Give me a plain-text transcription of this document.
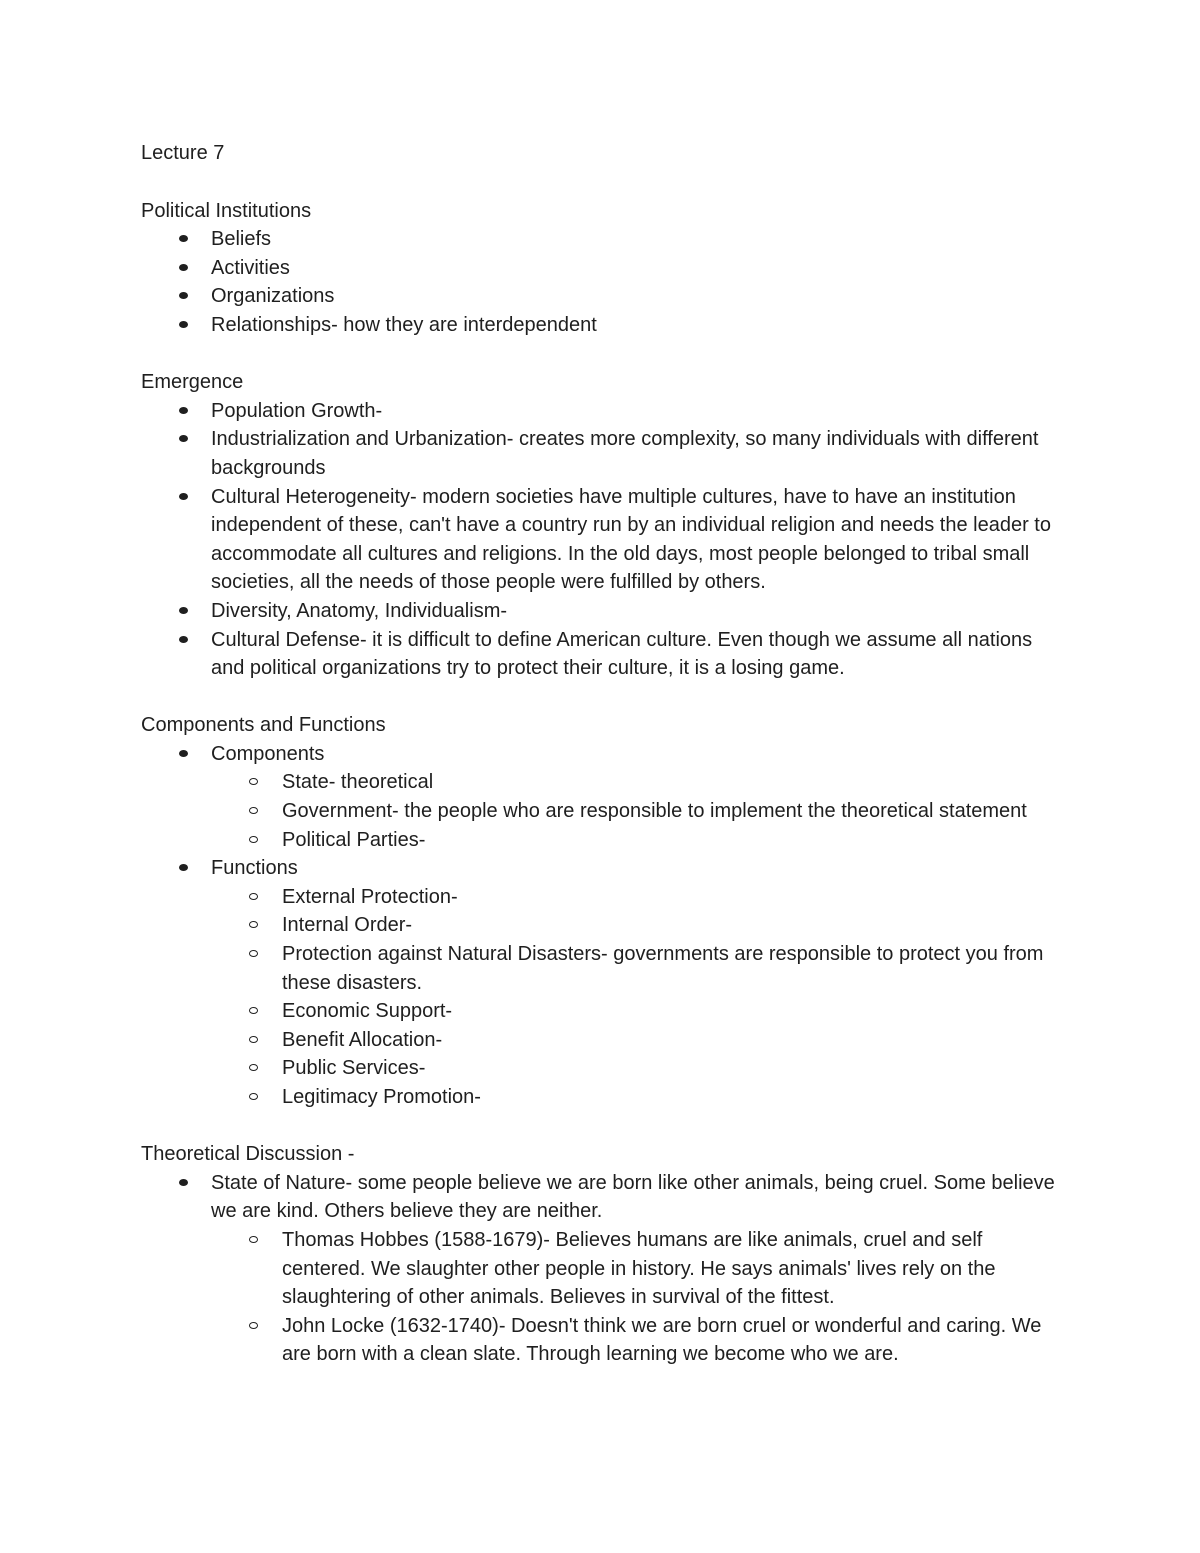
Lecture 7
Political Institutions
Beliefs
Activities
Organizations
Relationships- how they are interdependent
Emergence
Population Growth-
Industrialization and Urbanization- creates more complexity, so many individuals with different backgrounds
Cultural Heterogeneity- modern societies have multiple cultures, have to have an institution independent of these, can't have a country run by an individual religion and needs the leader to accommodate all cultures and religions. In the old days, most people belonged to tribal small societies, all the needs of those people were fulfilled by others.
Diversity, Anatomy, Individualism-
Cultural Defense- it is difficult to define American culture. Even though we assume all nations and political organizations try to protect their culture, it is a losing game.
Components and Functions
Components
State- theoretical
Government- the people who are responsible to implement the theoretical statement
Political Parties-
Functions
External Protection-
Internal Order-
Protection against Natural Disasters- governments are responsible to protect you from these disasters.
Economic Support-
Benefit Allocation-
Public Services-
Legitimacy Promotion-
Theoretical Discussion -
State of Nature- some people believe we are born like other animals, being cruel. Some believe we are kind. Others believe they are neither.
Thomas Hobbes (1588-1679)- Believes humans are like animals, cruel and self centered. We slaughter other people in history. He says animals' lives rely on the slaughtering of other animals. Believes in survival of the fittest.
John Locke (1632-1740)- Doesn't think we are born cruel or wonderful and caring. We are born with a clean slate. Through learning we become who we are.
